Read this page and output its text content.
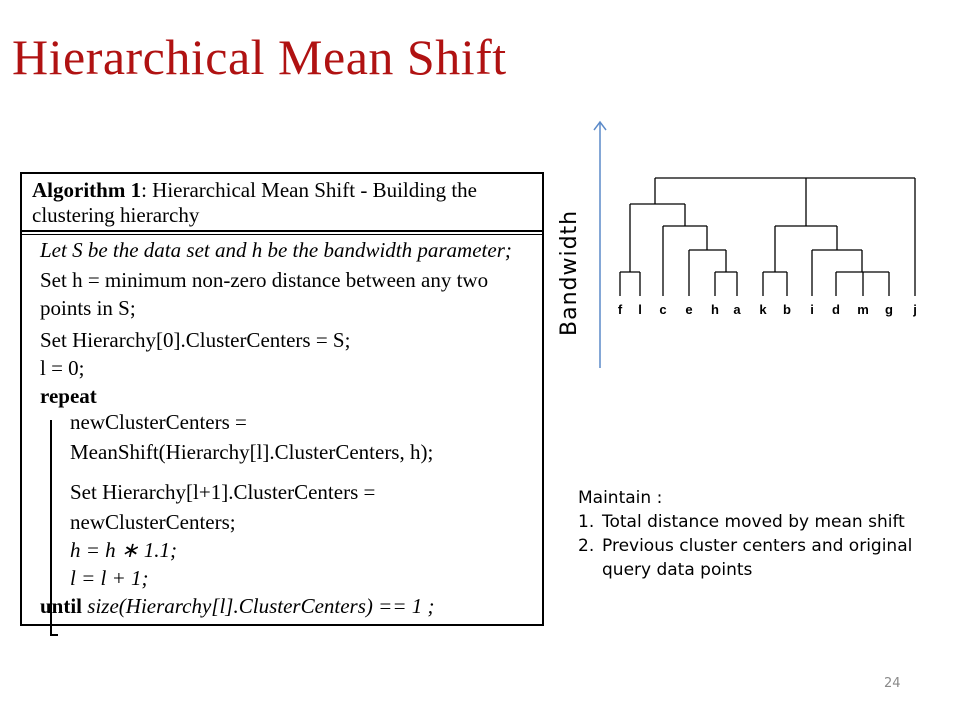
Hierarchical Mean Shift
Algorithm 1: Hierarchical Mean Shift - Building the
clustering hierarchy
Let S be the data set and h be the bandwidth parameter;
Set h = minimum non-zero distance between any two
points in S;
Set Hierarchy[0].ClusterCenters = S;
l = 0;
repeat
newClusterCenters =
MeanShift(Hierarchy[l].ClusterCenters, h);
Set Hierarchy[l+1].ClusterCenters =
newClusterCenters;
h = h ∗ 1.1;
l = l + 1;
until size(Hierarchy[l].ClusterCenters) == 1 ;
Bandwidth	f l c e h a k b i d m g j
Maintain :
1. Total distance moved by mean shift
2. Previous cluster centers and original query data points
24
